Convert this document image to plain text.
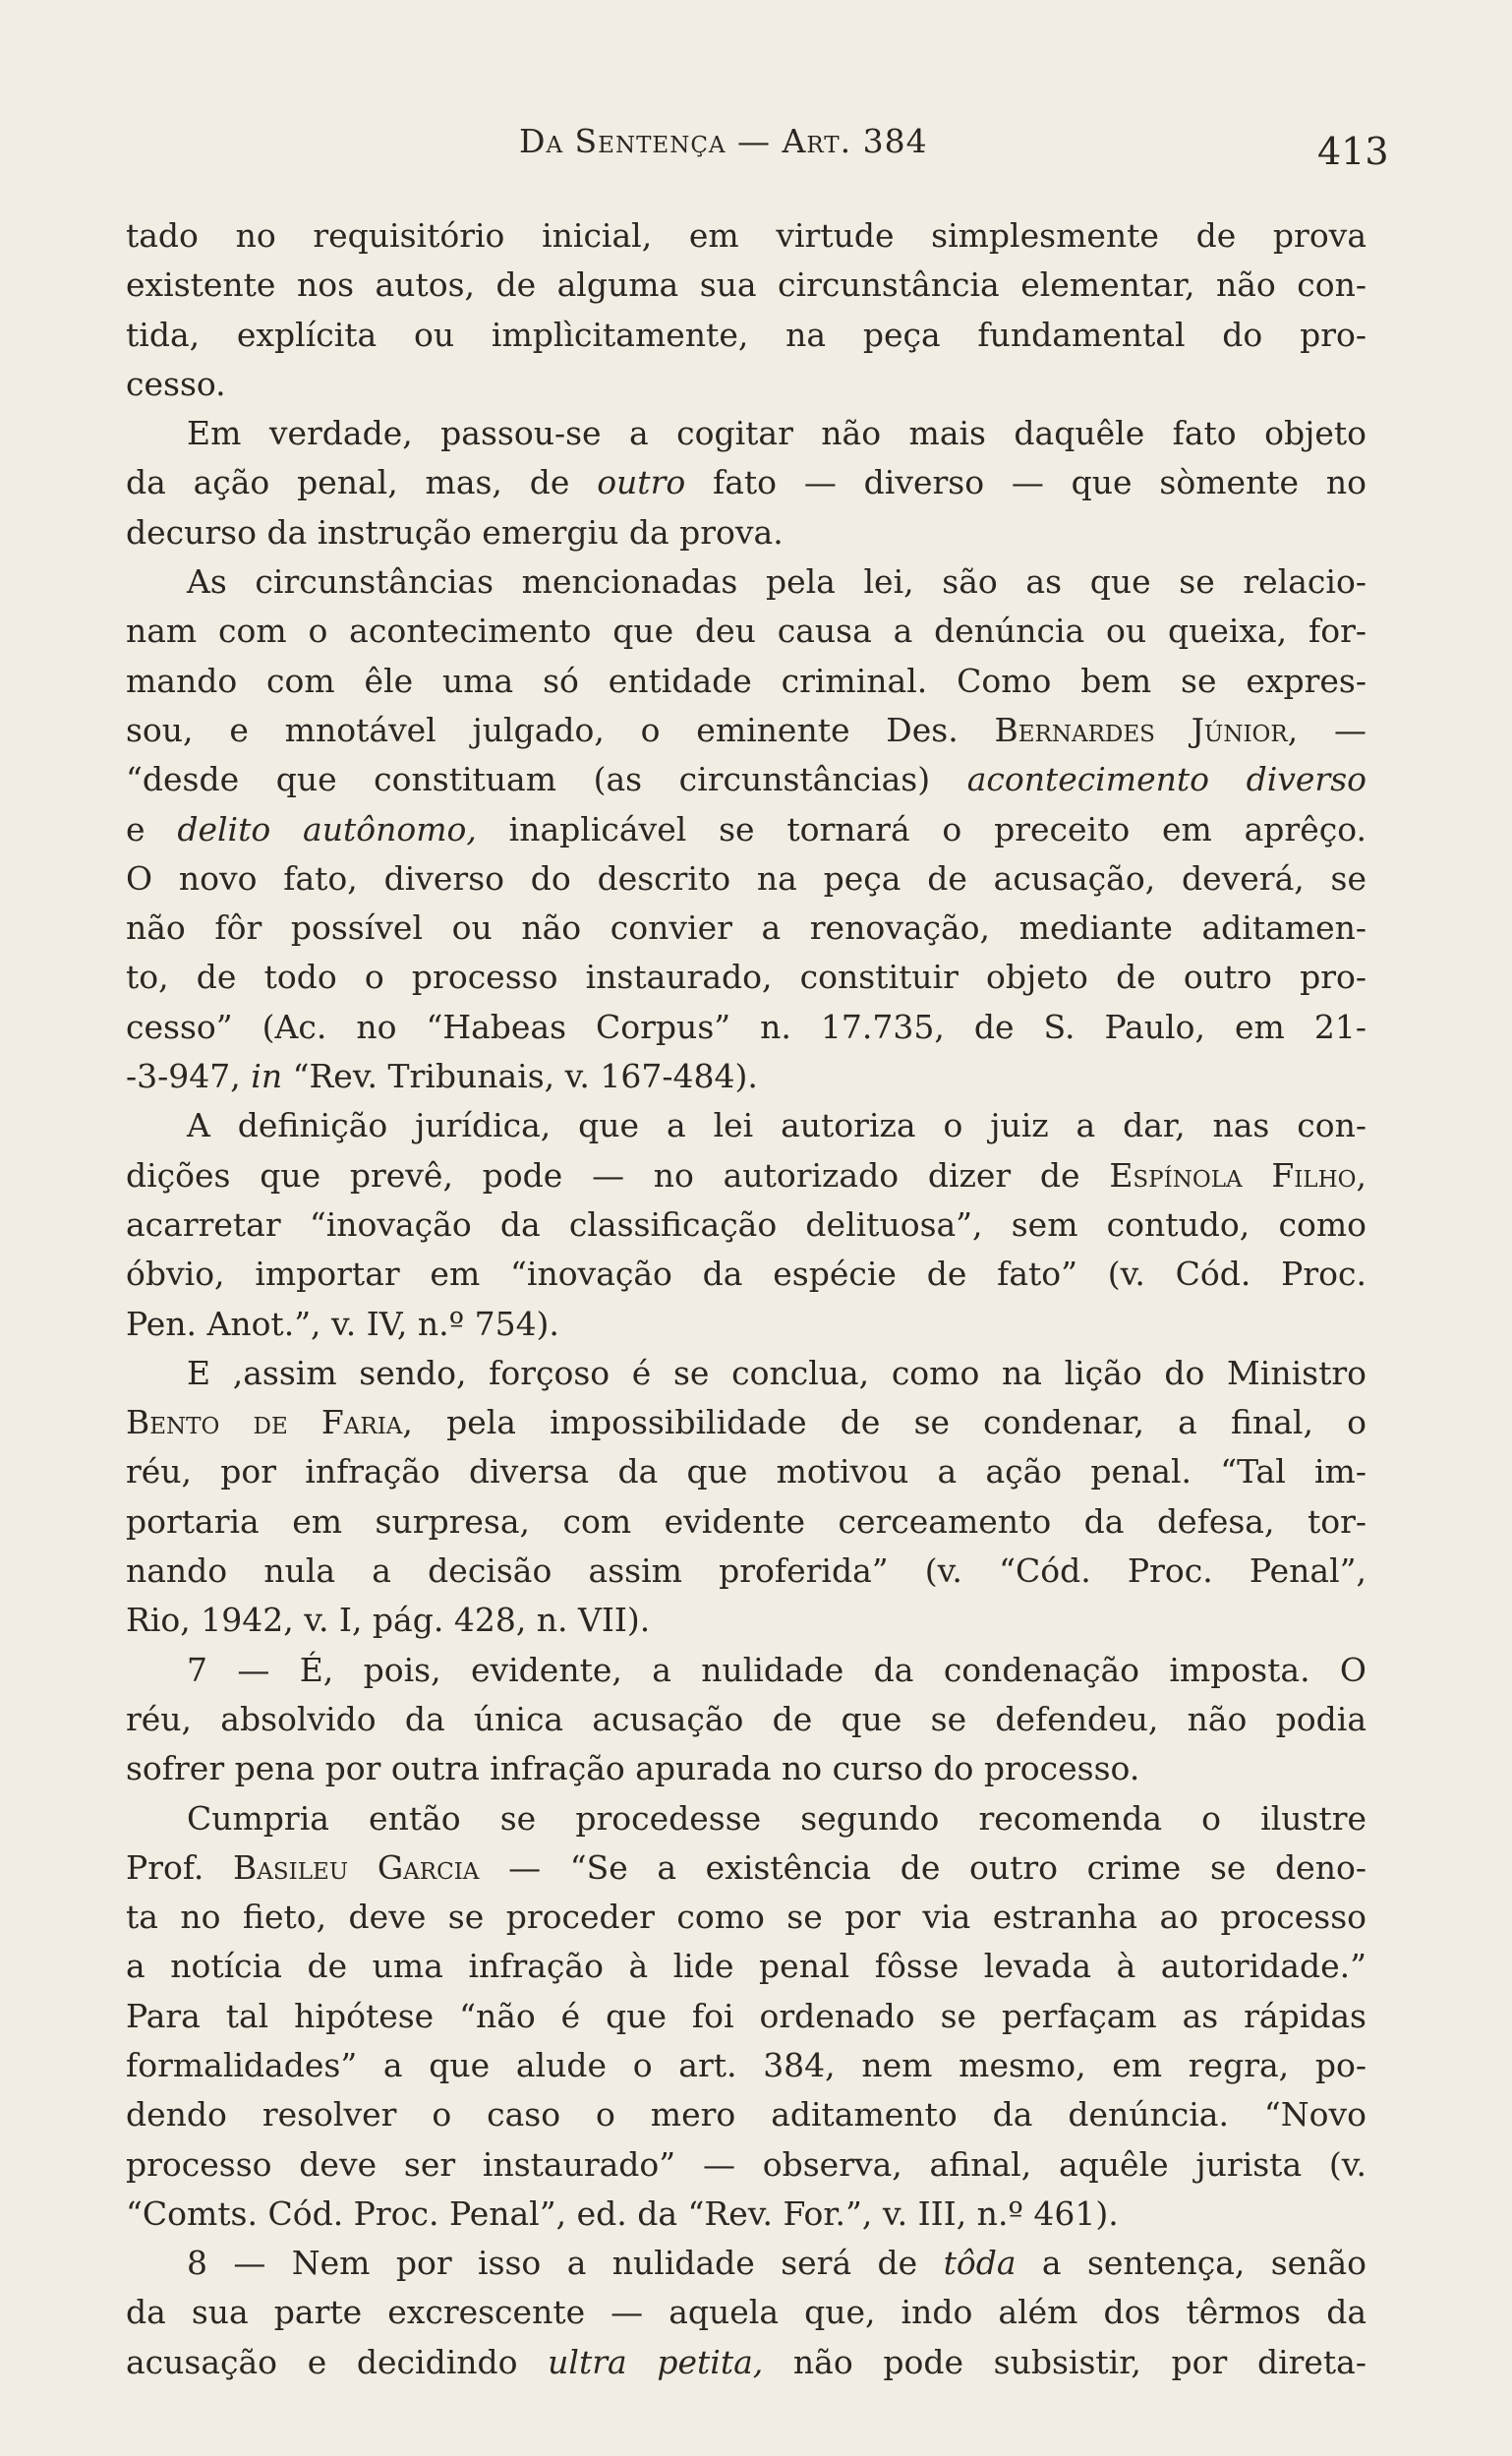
Da Sentença — Art. 384	413
tado no requisitório inicial, em virtude simplesmente de prova
existente nos autos, de alguma sua circunstância elementar, não con-
tida, explícita ou implìcitamente, na peça fundamental do pro-
cesso.
Em verdade, passou-se a cogitar não mais daquêle fato objeto
da ação penal, mas, de outro fato — diverso — que sòmente no
decurso da instrução emergiu da prova.
As circunstâncias mencionadas pela lei, são as que se relacio-
nam com o acontecimento que deu causa a denúncia ou queixa, for-
mando com êle uma só entidade criminal. Como bem se expres-
sou, e mnotável julgado, o eminente Des. Bernardes Júnior, —
“desde que constituam (as circunstâncias) acontecimento diverso
e delito autônomo, inaplicável se tornará o preceito em aprêço.
O novo fato, diverso do descrito na peça de acusação, deverá, se
não fôr possível ou não convier a renovação, mediante aditamen-
to, de todo o processo instaurado, constituir objeto de outro pro-
cesso” (Ac. no “Habeas Corpus” n. 17.735, de S. Paulo, em 21-
-3-947, in “Rev. Tribunais, v. 167-484).
A definição jurídica, que a lei autoriza o juiz a dar, nas con-
dições que prevê, pode — no autorizado dizer de Espínola Filho,
acarretar “inovação da classificação delituosa”, sem contudo, como
óbvio, importar em “inovação da espécie de fato” (v. Cód. Proc.
Pen. Anot.”, v. IV, n.º 754).
E ,assim sendo, forçoso é se conclua, como na lição do Ministro
Bento de Faria, pela impossibilidade de se condenar, a final, o
réu, por infração diversa da que motivou a ação penal. “Tal im-
portaria em surpresa, com evidente cerceamento da defesa, tor-
nando nula a decisão assim proferida” (v. “Cód. Proc. Penal”,
Rio, 1942, v. I, pág. 428, n. VII).
7 — É, pois, evidente, a nulidade da condenação imposta. O
réu, absolvido da única acusação de que se defendeu, não podia
sofrer pena por outra infração apurada no curso do processo.
Cumpria então se procedesse segundo recomenda o ilustre
Prof. Basileu Garcia — “Se a existência de outro crime se deno-
ta no fieto, deve se proceder como se por via estranha ao processo
a notícia de uma infração à lide penal fôsse levada à autoridade.”
Para tal hipótese “não é que foi ordenado se perfaçam as rápidas
formalidades” a que alude o art. 384, nem mesmo, em regra, po-
dendo resolver o caso o mero aditamento da denúncia. “Novo
processo deve ser instaurado” — observa, afinal, aquêle jurista (v.
“Comts. Cód. Proc. Penal”, ed. da “Rev. For.”, v. III, n.º 461).
8 — Nem por isso a nulidade será de tôda a sentença, senão
da sua parte excrescente — aquela que, indo além dos têrmos da
acusação e decidindo ultra petita, não pode subsistir, por direta-
